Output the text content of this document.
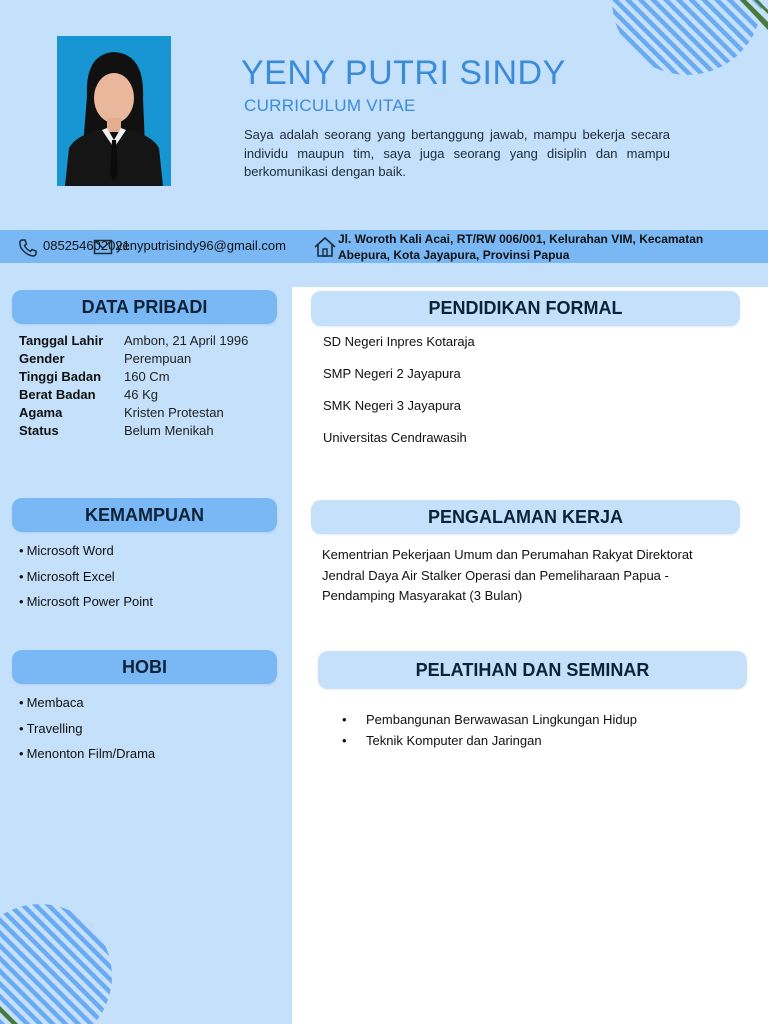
YENY PUTRI SINDY
CURRICULUM VITAE
Saya adalah seorang yang bertanggung jawab, mampu bekerja secara individu maupun tim, saya juga seorang yang disiplin dan mampu berkomunikasi dengan baik.
085254602021
yenyputrisindy96@gmail.com	Jl. Woroth Kali Acai, RT/RW 006/001, Kelurahan VIM, Kecamatan Abepura, Kota Jayapura, Provinsi Papua
DATA PRIBADI
Tanggal Lahir	Ambon, 21 April 1996
Gender	Perempuan
Tinggi Badan	160 Cm
Berat Badan	46 Kg
Agama	Kristen Protestan
Status	Belum Menikah
KEMAMPUAN
• Microsoft Word
• Microsoft Excel
• Microsoft Power Point
HOBI
• Membaca
• Travelling
• Menonton Film/Drama
PENDIDIKAN FORMAL
SD Negeri Inpres Kotaraja
SMP Negeri 2 Jayapura
SMK Negeri 3 Jayapura
Universitas Cendrawasih
PENGALAMAN KERJA
Kementrian Pekerjaan Umum dan Perumahan Rakyat Direktorat Jendral Daya Air Stalker Operasi dan Pemeliharaan Papua - Pendamping Masyarakat (3 Bulan)
PELATIHAN DAN SEMINAR
• Pembangunan Berwawasan Lingkungan Hidup
• Teknik Komputer dan Jaringan
